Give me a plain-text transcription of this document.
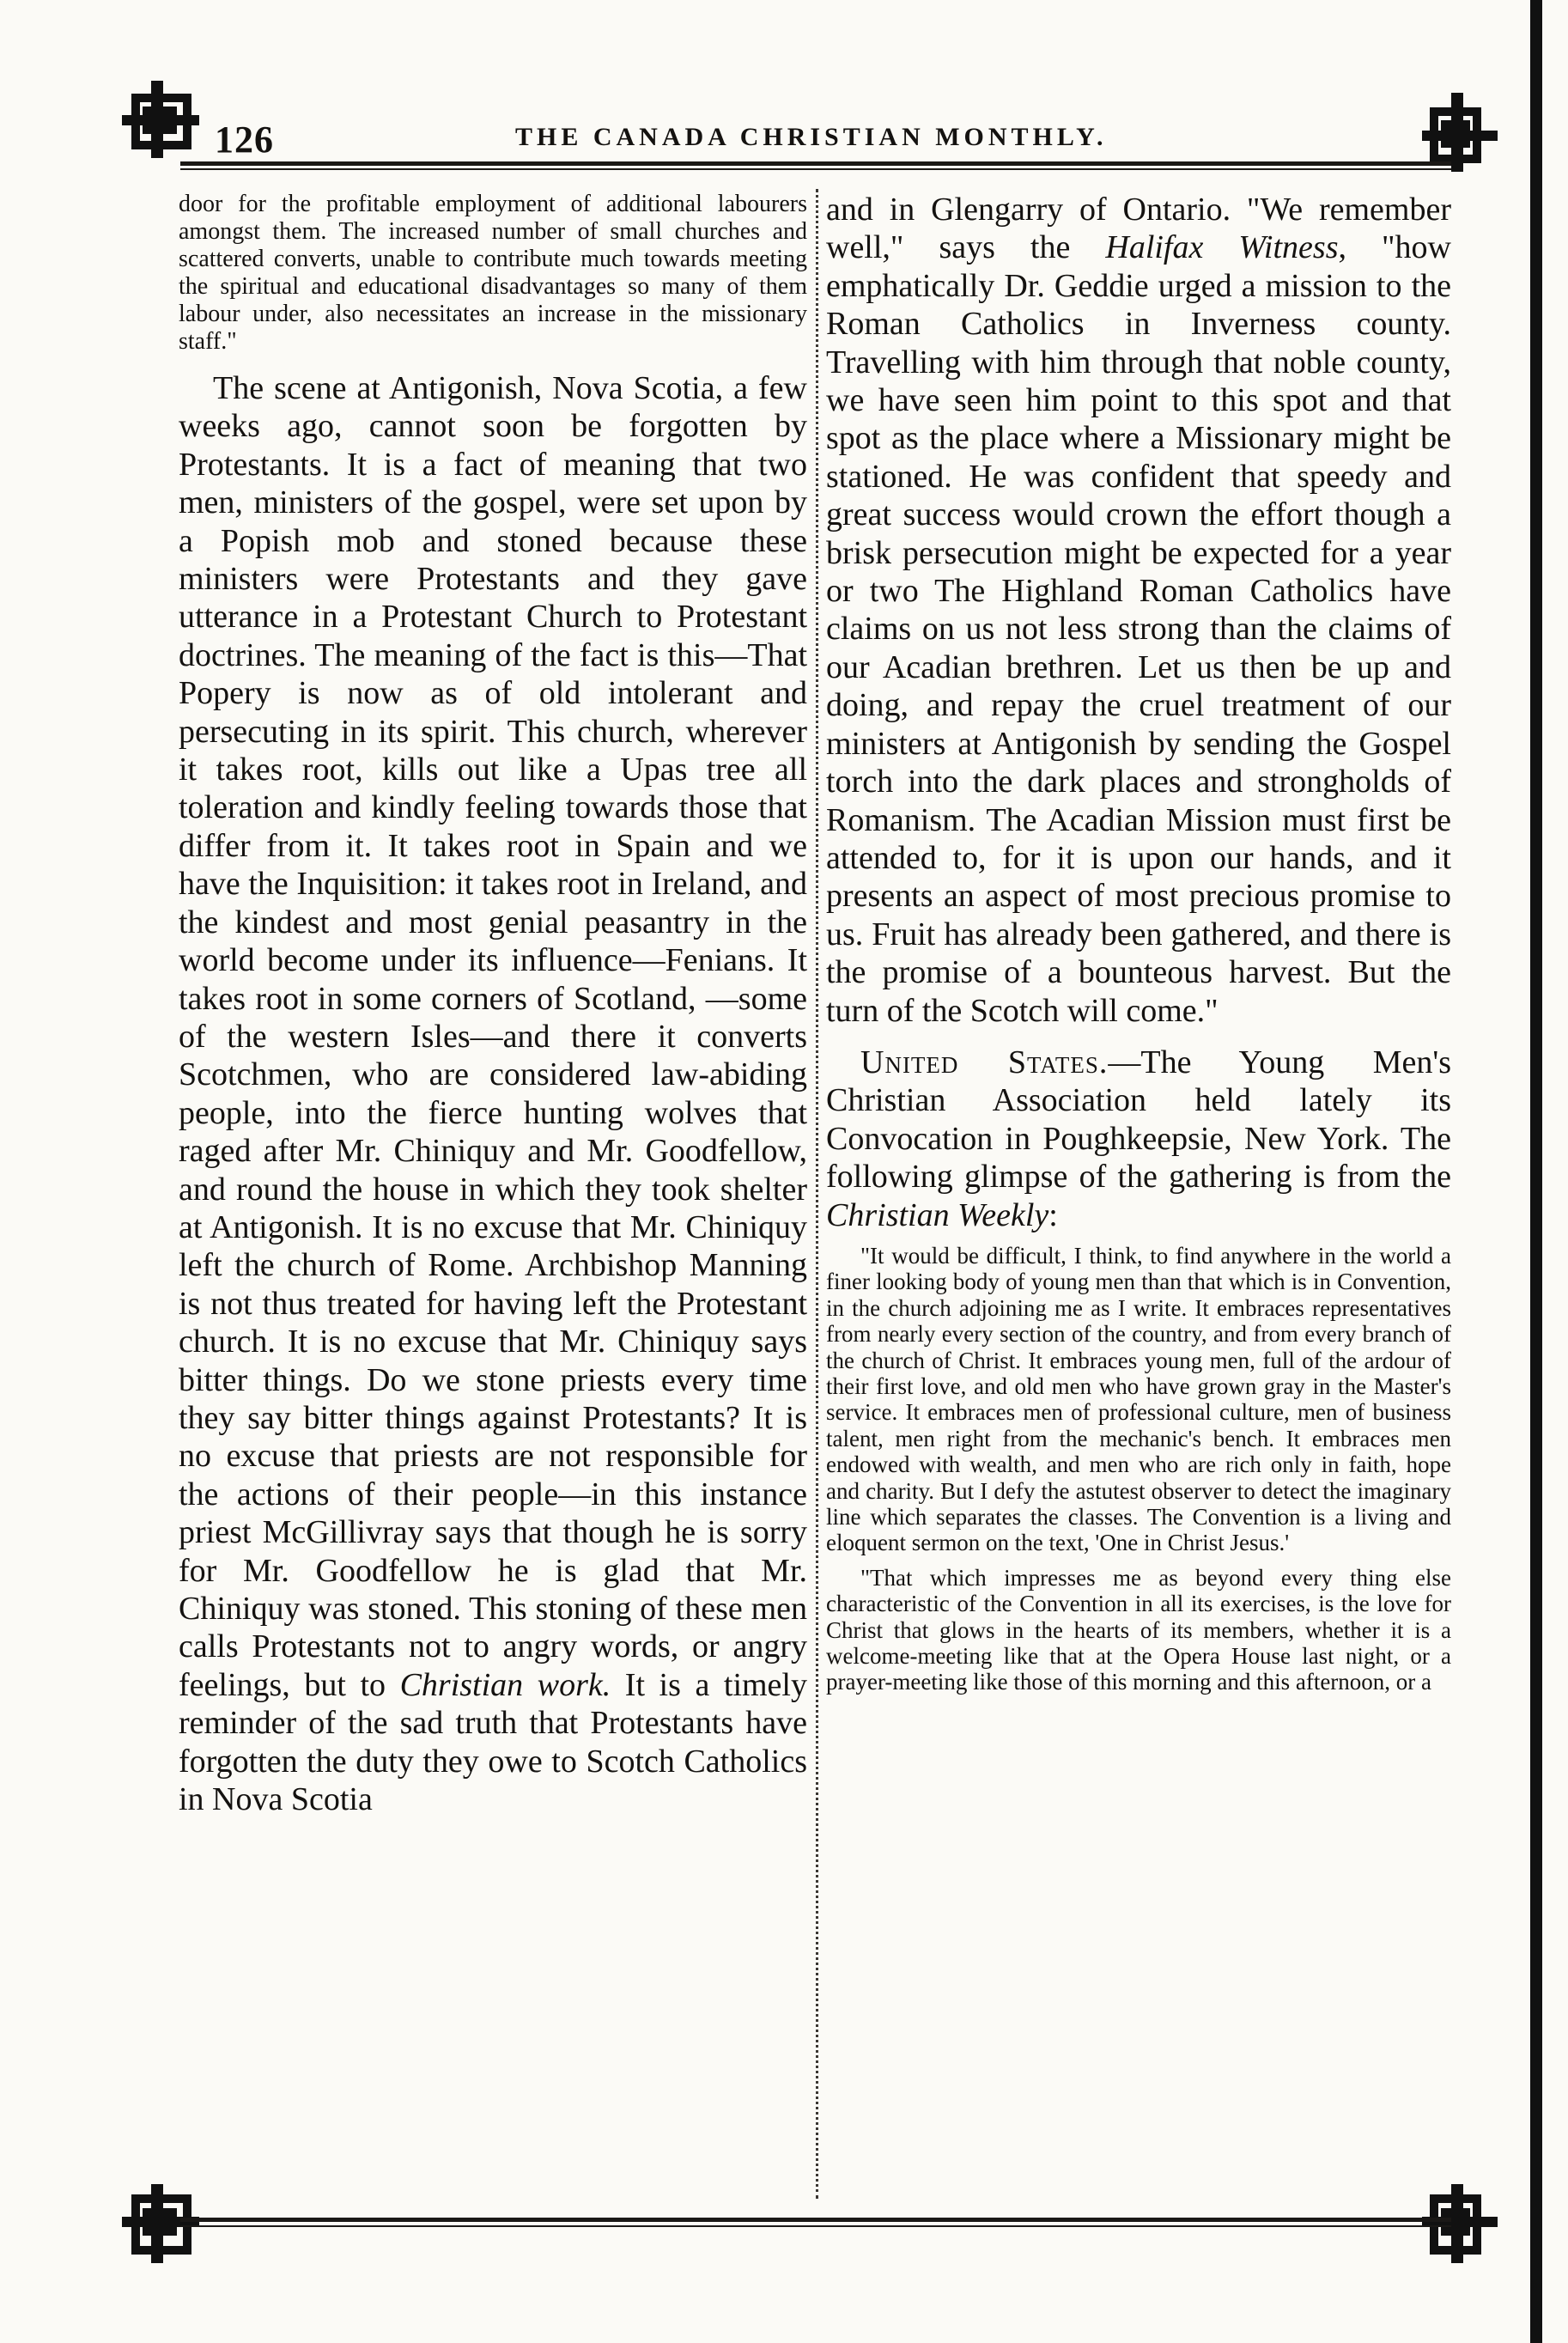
126	THE CANADA CHRISTIAN MONTHLY.

door for the profitable employment of additional labourers amongst them. The increased number of small churches and scattered converts, unable to contribute much towards meeting the spiritual and educational disadvantages so many of them labour under, also necessitates an increase in the missionary staff."

The scene at Antigonish, Nova Scotia, a few weeks ago, cannot soon be forgotten by Protestants. It is a fact of meaning that two men, ministers of the gospel, were set upon by a Popish mob and stoned because these ministers were Protestants and they gave utterance in a Protestant Church to Protestant doctrines. The meaning of the fact is this—That Popery is now as of old intolerant and persecuting in its spirit. This church, wherever it takes root, kills out like a Upas tree all toleration and kindly feeling towards those that differ from it. It takes root in Spain and we have the Inquisition: it takes root in Ireland, and the kindest and most genial peasantry in the world become under its influence—Fenians. It takes root in some corners of Scotland, —some of the western Isles—and there it converts Scotchmen, who are considered law-abiding people, into the fierce hunting wolves that raged after Mr. Chiniquy and Mr. Goodfellow, and round the house in which they took shelter at Antigonish. It is no excuse that Mr. Chiniquy left the church of Rome. Archbishop Manning is not thus treated for having left the Protestant church. It is no excuse that Mr. Chiniquy says bitter things. Do we stone priests every time they say bitter things against Protestants? It is no excuse that priests are not responsible for the actions of their people—in this instance priest McGillivray says that though he is sorry for Mr. Goodfellow he is glad that Mr. Chiniquy was stoned. This stoning of these men calls Protestants not to angry words, or angry feelings, but to Christian work. It is a timely reminder of the sad truth that Protestants have forgotten the duty they owe to Scotch Catholics in Nova Scotia

and in Glengarry of Ontario. "We remember well," says the Halifax Witness, "how emphatically Dr. Geddie urged a mission to the Roman Catholics in Inverness county. Travelling with him through that noble county, we have seen him point to this spot and that spot as the place where a Missionary might be stationed. He was confident that speedy and great success would crown the effort though a brisk persecution might be expected for a year or two The Highland Roman Catholics have claims on us not less strong than the claims of our Acadian brethren. Let us then be up and doing, and repay the cruel treatment of our ministers at Antigonish by sending the Gospel torch into the dark places and strongholds of Romanism. The Acadian Mission must first be attended to, for it is upon our hands, and it presents an aspect of most precious promise to us. Fruit has already been gathered, and there is the promise of a bounteous harvest. But the turn of the Scotch will come."

United States.—The Young Men's Christian Association held lately its Convocation in Poughkeepsie, New York. The following glimpse of the gathering is from the Christian Weekly:

"It would be difficult, I think, to find anywhere in the world a finer looking body of young men than that which is in Convention, in the church adjoining me as I write. It embraces representatives from nearly every section of the country, and from every branch of the church of Christ. It embraces young men, full of the ardour of their first love, and old men who have grown gray in the Master's service. It embraces men of professional culture, men of business talent, men right from the mechanic's bench. It embraces men endowed with wealth, and men who are rich only in faith, hope and charity. But I defy the astutest observer to detect the imaginary line which separates the classes. The Convention is a living and eloquent sermon on the text, 'One in Christ Jesus.'

"That which impresses me as beyond every thing else characteristic of the Convention in all its exercises, is the love for Christ that glows in the hearts of its members, whether it is a welcome-meeting like that at the Opera House last night, or a prayer-meeting like those of this morning and this afternoon, or a
